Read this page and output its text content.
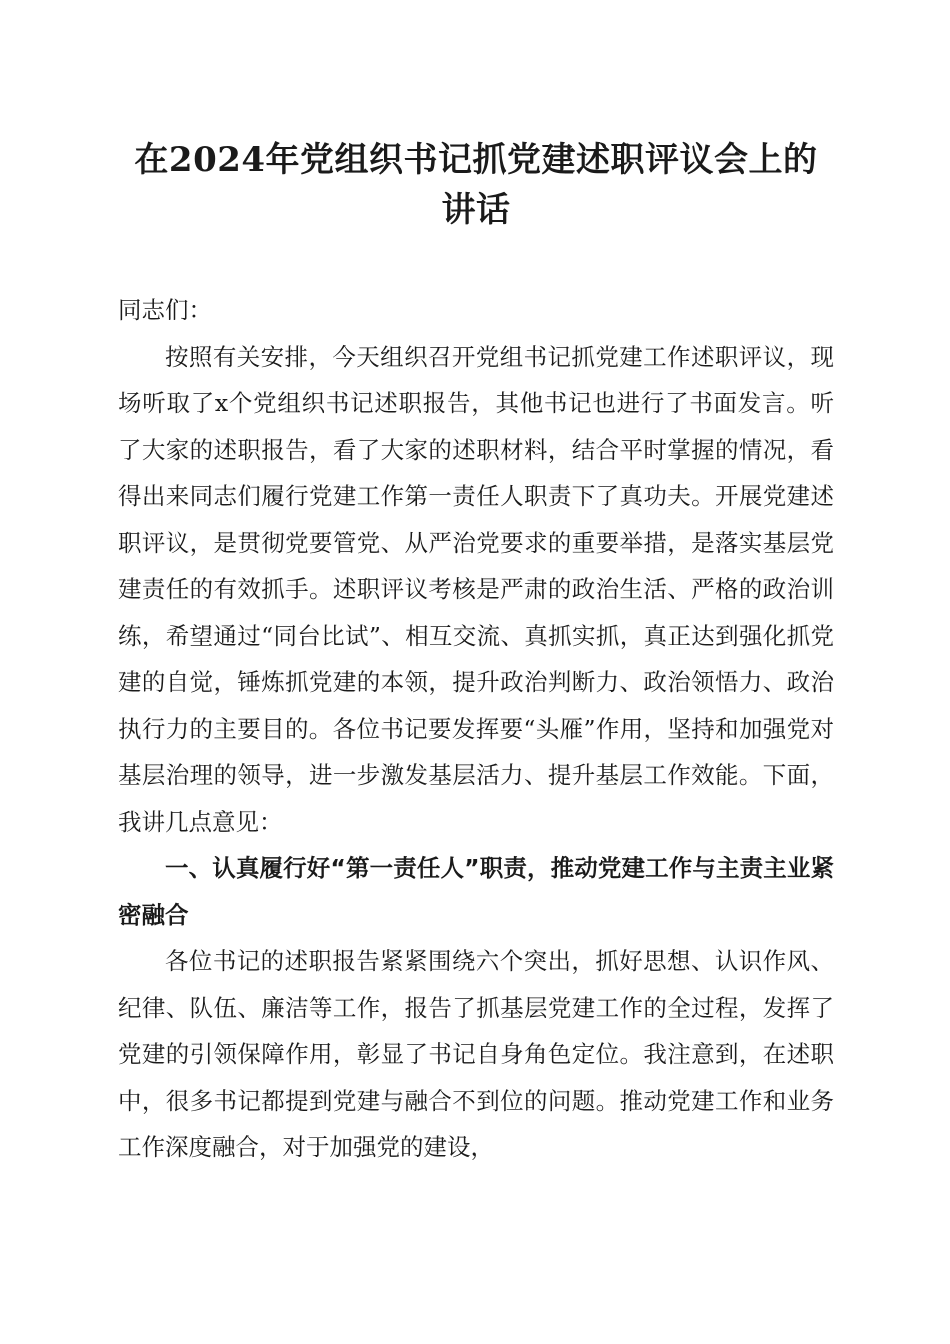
在2024年党组织书记抓党建述职评议会上的
讲话

同志们：

按照有关安排，今天组织召开党组书记抓党建工作述职评议，现场听取了x个党组织书记述职报告，其他书记也进行了书面发言。听了大家的述职报告，看了大家的述职材料，结合平时掌握的情况，看得出来同志们履行党建工作第一责任人职责下了真功夫。开展党建述职评议，是贯彻党要管党、从严治党要求的重要举措，是落实基层党建责任的有效抓手。述职评议考核是严肃的政治生活、严格的政治训练，希望通过“同台比试”、相互交流、真抓实抓，真正达到强化抓党建的自觉，锤炼抓党建的本领，提升政治判断力、政治领悟力、政治执行力的主要目的。各位书记要发挥要“头雁”作用，坚持和加强党对基层治理的领导，进一步激发基层活力、提升基层工作效能。下面，我讲几点意见：

一、认真履行好“第一责任人”职责，推动党建工作与主责主业紧密融合

各位书记的述职报告紧紧围绕六个突出，抓好思想、认识作风、纪律、队伍、廉洁等工作，报告了抓基层党建工作的全过程，发挥了党建的引领保障作用，彰显了书记自身角色定位。我注意到，在述职中，很多书记都提到党建与融合不到位的问题。推动党建工作和业务工作深度融合，对于加强党的建设，
